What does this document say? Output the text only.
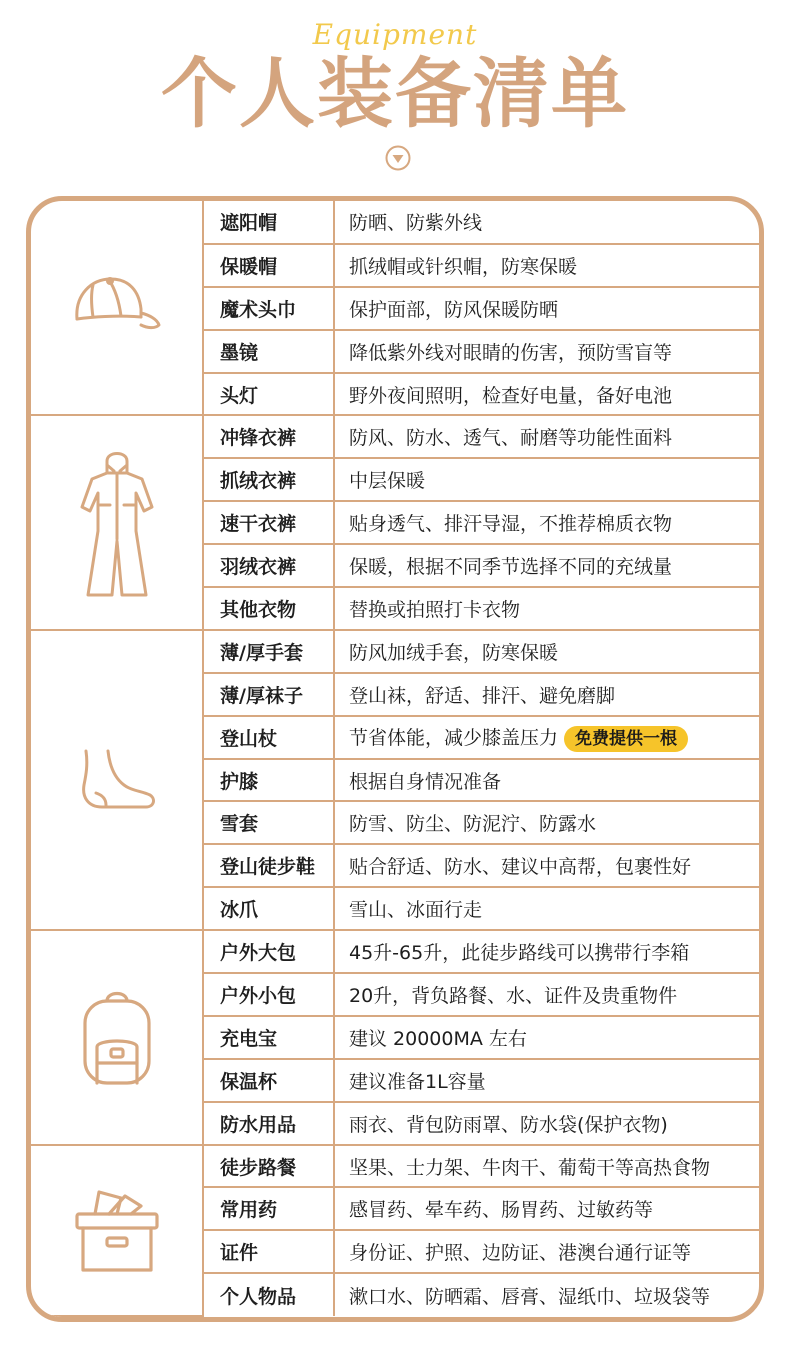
Equipment
个人装备清单
	遮阳帽	防晒、防紫外线
	保暖帽	抓绒帽或针织帽，防寒保暖
	魔术头巾	保护面部，防风保暖防晒
	墨镜	降低紫外线对眼睛的伤害，预防雪盲等
	头灯	野外夜间照明，检查好电量，备好电池

	冲锋衣裤	防风、防水、透气、耐磨等功能性面料
	抓绒衣裤	中层保暖
	速干衣裤	贴身透气、排汗导湿，不推荐棉质衣物
	羽绒衣裤	保暖，根据不同季节选择不同的充绒量
	其他衣物	替换或拍照打卡衣物

	薄/厚手套	防风加绒手套，防寒保暖
	薄/厚袜子	登山袜，舒适、排汗、避免磨脚
	登山杖	节省体能，减少膝盖压力 免费提供一根
	护膝	根据自身情况准备
	雪套	防雪、防尘、防泥泞、防露水
	登山徒步鞋	贴合舒适、防水、建议中高帮，包裹性好
	冰爪	雪山、冰面行走

	户外大包	45升-65升，此徒步路线可以携带行李箱
	户外小包	20升，背负路餐、水、证件及贵重物件
	充电宝	建议 20000MA 左右
	保温杯	建议准备1L容量
	防水用品	雨衣、背包防雨罩、防水袋(保护衣物)

	徒步路餐	坚果、士力架、牛肉干、葡萄干等高热食物
	常用药	感冒药、晕车药、肠胃药、过敏药等
	证件	身份证、护照、边防证、港澳台通行证等
	个人物品	漱口水、防晒霜、唇膏、湿纸巾、垃圾袋等
